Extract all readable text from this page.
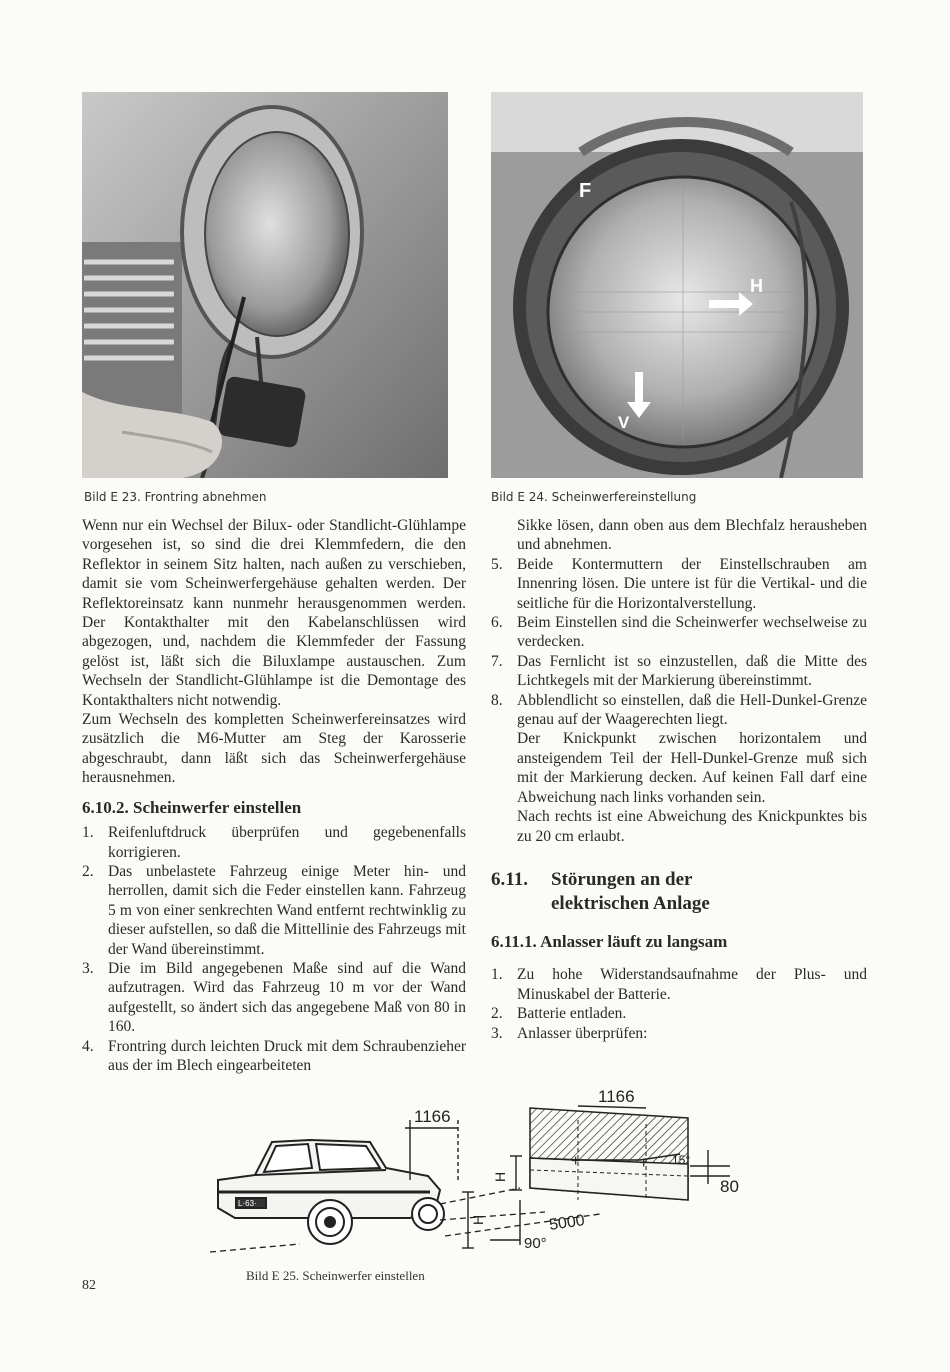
F
H
V
Bild E 23. Frontring abnehmen	Bild E 24. Scheinwerfereinstellung

Wenn nur ein Wechsel der Bilux- oder Standlicht-Glühlampe vorgesehen ist, so sind die drei Klemmfedern, die den Reflektor in seinem Sitz halten, nach außen zu verschieben, damit sie vom Scheinwerfergehäuse gehalten werden. Der Reflektoreinsatz kann nunmehr herausgenommen werden. Der Kontakthalter mit den Kabelanschlüssen wird abgezogen, und, nachdem die Klemmfeder der Fassung gelöst ist, läßt sich die Biluxlampe austauschen. Zum Wechseln der Standlicht-Glühlampe ist die Demontage des Kontakthalters nicht notwendig.

Zum Wechseln des kompletten Scheinwerfereinsatzes wird zusätzlich die M6-Mutter am Steg der Karosserie abgeschraubt, dann läßt sich das Scheinwerfergehäuse herausnehmen.

6.10.2. Scheinwerfer einstellen
1. Reifenluftdruck überprüfen und gegebenenfalls korrigieren.
2. Das unbelastete Fahrzeug einige Meter hin- und herrollen, damit sich die Feder einstellen kann. Fahrzeug 5 m von einer senkrechten Wand entfernt rechtwinklig zu dieser aufstellen, so daß die Mittellinie des Fahrzeugs mit der Wand übereinstimmt.
3. Die im Bild angegebenen Maße sind auf die Wand aufzutragen. Wird das Fahrzeug 10 m vor der Wand aufgestellt, so ändert sich das angegebene Maß von 80 in 160.
4. Frontring durch leichten Druck mit dem Schraubenzieher aus der im Blech eingearbeiteten

Sikke lösen, dann oben aus dem Blechfalz herausheben und abnehmen.

5. Beide Kontermuttern der Einstellschrauben am Innenring lösen. Die untere ist für die Vertikal- und die seitliche für die Horizontalverstellung.
6. Beim Einstellen sind die Scheinwerfer wechselweise zu verdecken.
7. Das Fernlicht ist so einzustellen, daß die Mitte des Lichtkegels mit der Markierung übereinstimmt.
8. Abblendlicht so einstellen, daß die Hell-Dunkel-Grenze genau auf der Waagerechten liegt.

Der Knickpunkt zwischen horizontalem und ansteigendem Teil der Hell-Dunkel-Grenze muß sich mit der Markierung decken. Auf keinen Fall darf eine Abweichung nach links vorhanden sein.

Nach rechts ist eine Abweichung des Knickpunktes bis zu 20 cm erlaubt.

6.11.	Störungen an der elektrischen Anlage
6.11.1. Anlasser läuft zu langsam
1. Zu hohe Widerstandsaufnahme der Plus- und Minuskabel der Batterie.
2. Batterie entladen.
3. Anlasser überprüfen:
L·63·
1166
H
90°
5000
+	+
1166
H
15°
80
Bild E 25. Scheinwerfer einstellen
82
